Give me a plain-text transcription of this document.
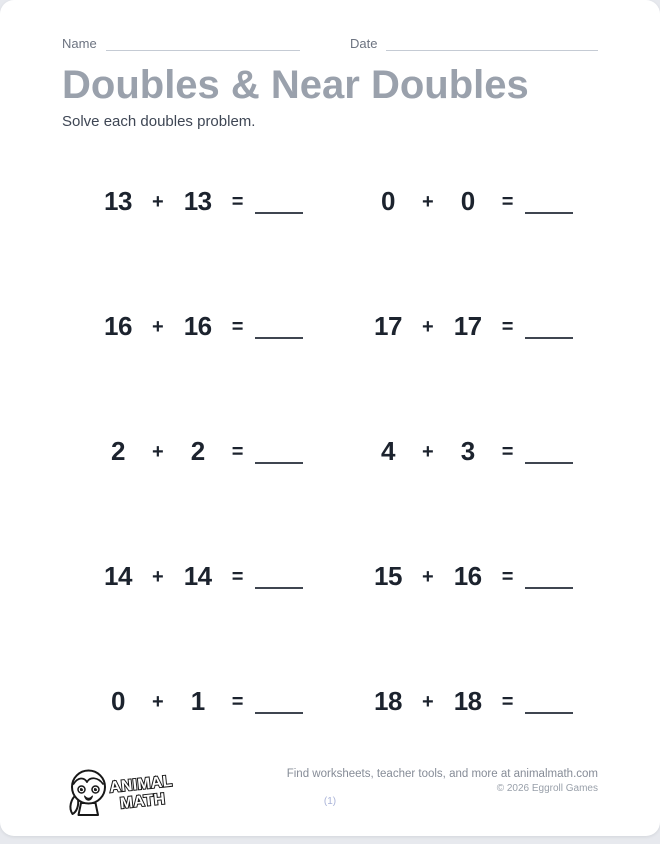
Name	Date
Doubles & Near Doubles
Solve each doubles problem.
13 + 13 =	0	+	0	=
16 + 16 =	17 + 17 =
2	+	2	=	4	+	3	=
14 + 14 =	15 + 16 =
0	+	1	=	18 + 18 =
ANIMAL
MATH
Find worksheets, teacher tools, and more at animalmath.com
© 2026 Eggroll Games
(1)
